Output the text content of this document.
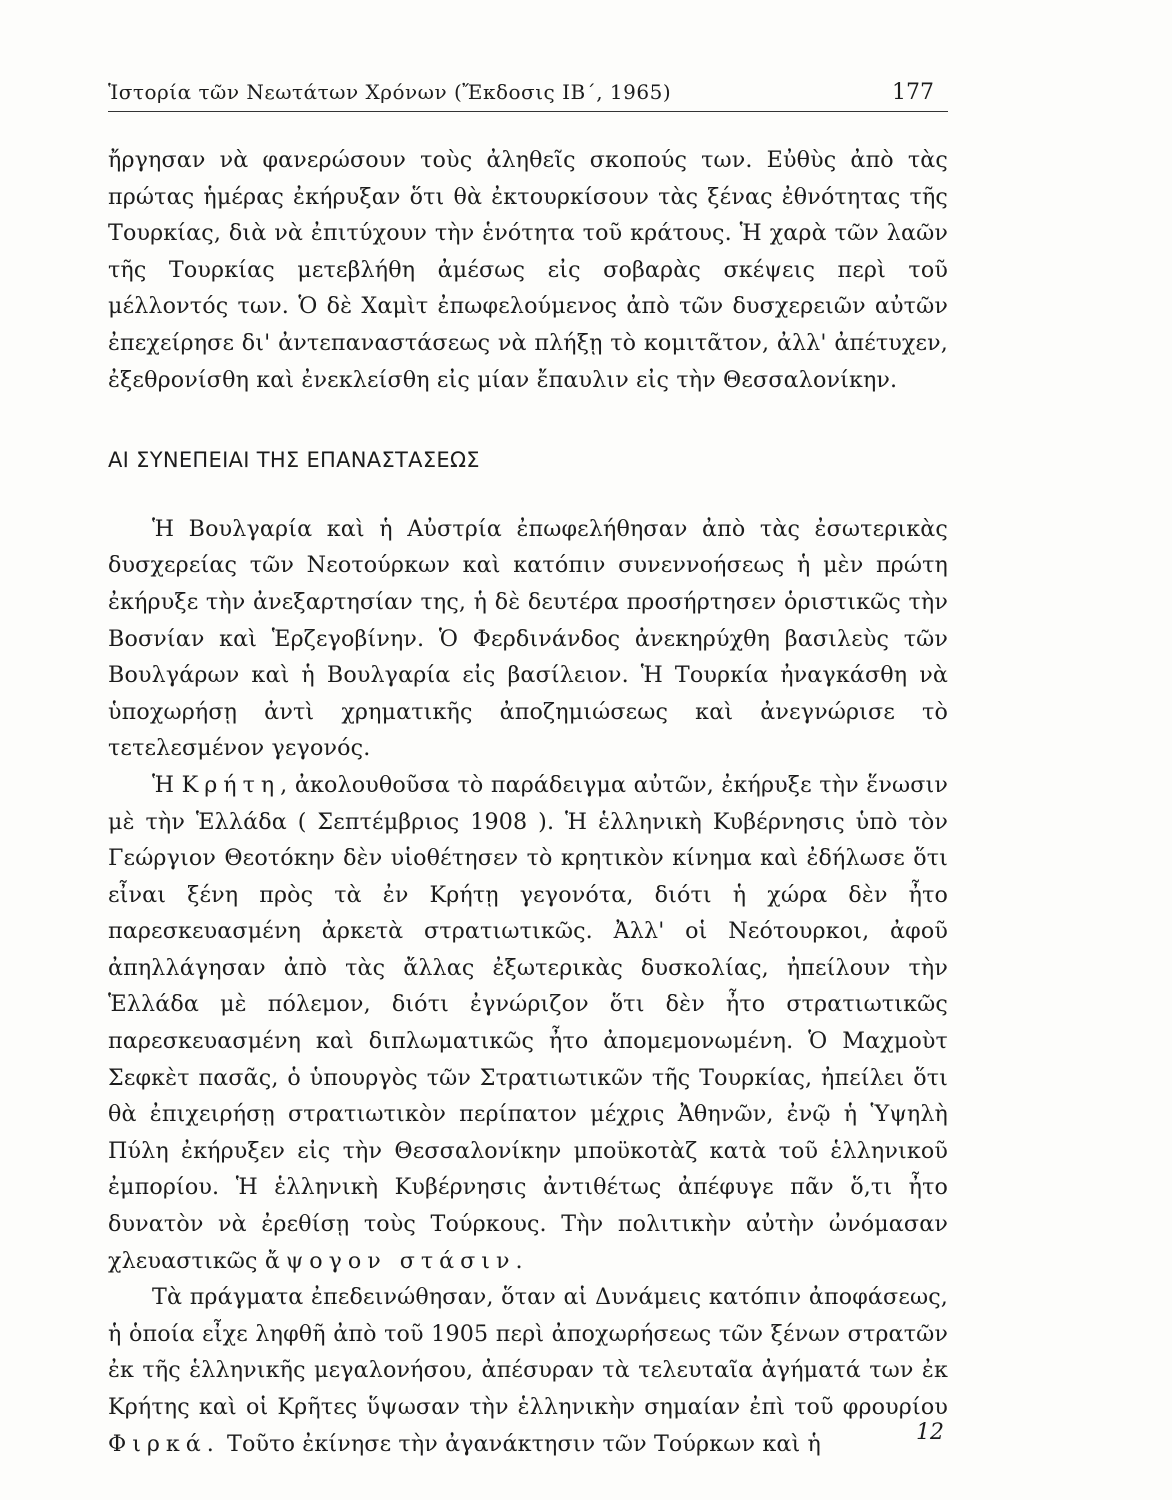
Ἱστορία τῶν Νεωτάτων Χρόνων (Ἔκδοσις ΙΒ΄, 1965)	177

ἤργησαν νὰ φανερώσουν τοὺς ἀληθεῖς σκοπούς των. Εὐθὺς ἀπὸ τὰς πρώτας ἡμέρας ἐκήρυξαν ὅτι θὰ ἐκτουρκίσουν τὰς ξένας ἐθνότητας τῆς Τουρκίας, διὰ νὰ ἐπιτύχουν τὴν ἑνότητα τοῦ κράτους. Ἡ χαρὰ τῶν λαῶν τῆς Τουρκίας μετεβλήθη ἀμέσως εἰς σοβαρὰς σκέψεις περὶ τοῦ μέλλοντός των. Ὁ δὲ Χαμὶτ ἐπωφελούμενος ἀπὸ τῶν δυσχερειῶν αὐτῶν ἐπεχείρησε δι' ἀντεπαναστάσεως νὰ πλήξῃ τὸ κομιτᾶτον, ἀλλ' ἀπέτυχεν, ἐξεθρονίσθη καὶ ἐνεκλείσθη εἰς μίαν ἔπαυλιν εἰς τὴν Θεσσαλονίκην.

ΑΙ ΣΥΝΕΠΕΙΑΙ ΤΗΣ ΕΠΑΝΑΣΤΑΣΕΩΣ

Ἡ Βουλγαρία καὶ ἡ Αὐστρία ἐπωφελήθησαν ἀπὸ τὰς ἐσωτερικὰς δυσχερείας τῶν Νεοτούρκων καὶ κατόπιν συνεννοήσεως ἡ μὲν πρώτη ἐκήρυξε τὴν ἀνεξαρτησίαν της, ἡ δὲ δευτέρα προσήρτησεν ὁριστικῶς τὴν Βοσνίαν καὶ Ἑρζεγοβίνην. Ὁ Φερδινάνδος ἀνεκηρύχθη βασιλεὺς τῶν Βουλγάρων καὶ ἡ Βουλγαρία εἰς βασίλειον. Ἡ Τουρκία ἠναγκάσθη νὰ ὑποχωρήσῃ ἀντὶ χρηματικῆς ἀποζημιώσεως καὶ ἀνεγνώρισε τὸ τετελεσμένον γεγονός.

Ἡ Κρήτη, ἀκολουθοῦσα τὸ παράδειγμα αὐτῶν, ἐκήρυξε τὴν ἕνωσιν μὲ τὴν Ἑλλάδα ( Σεπτέμβριος 1908 ). Ἡ ἑλληνικὴ Κυβέρνησις ὑπὸ τὸν Γεώργιον Θεοτόκην δὲν υἱοθέτησεν τὸ κρητικὸν κίνημα καὶ ἐδήλωσε ὅτι εἶναι ξένη πρὸς τὰ ἐν Κρήτῃ γεγονότα, διότι ἡ χώρα δὲν ἦτο παρεσκευασμένη ἀρκετὰ στρατιωτικῶς. Ἀλλ' οἱ Νεότουρκοι, ἀφοῦ ἀπηλλάγησαν ἀπὸ τὰς ἄλλας ἐξωτερικὰς δυσκολίας, ἠπείλουν τὴν Ἑλλάδα μὲ πόλεμον, διότι ἐγνώριζον ὅτι δὲν ἦτο στρατιωτικῶς παρεσκευασμένη καὶ διπλωματικῶς ἦτο ἀπομεμονωμένη. Ὁ Μαχμοὺτ Σεφκὲτ πασᾶς, ὁ ὑπουργὸς τῶν Στρατιωτικῶν τῆς Τουρκίας, ἠπείλει ὅτι θὰ ἐπιχειρήσῃ στρατιωτικὸν περίπατον μέχρις Ἀθηνῶν, ἐνῷ ἡ Ὑψηλὴ Πύλη ἐκήρυξεν εἰς τὴν Θεσσαλονίκην μποϋκοτὰζ κατὰ τοῦ ἑλληνικοῦ ἐμπορίου. Ἡ ἑλληνικὴ Κυβέρνησις ἀντιθέτως ἀπέφυγε πᾶν ὅ,τι ἦτο δυνατὸν νὰ ἐρεθίσῃ τοὺς Τούρκους. Τὴν πολιτικὴν αὐτὴν ὠνόμασαν χλευαστικῶς ἄψογον στάσιν.

Τὰ πράγματα ἐπεδεινώθησαν, ὅταν αἱ Δυνάμεις κατόπιν ἀποφάσεως, ἡ ὁποία εἶχε ληφθῆ ἀπὸ τοῦ 1905 περὶ ἀποχωρήσεως τῶν ξένων στρατῶν ἐκ τῆς ἑλληνικῆς μεγαλονήσου, ἀπέσυραν τὰ τελευταῖα ἀγήματά των ἐκ Κρήτης καὶ οἱ Κρῆτες ὕψωσαν τὴν ἑλληνικὴν σημαίαν ἐπὶ τοῦ φρουρίου Φιρκά. Τοῦτο ἐκίνησε τὴν ἀγανάκτησιν τῶν Τούρκων καὶ ἡ	12
